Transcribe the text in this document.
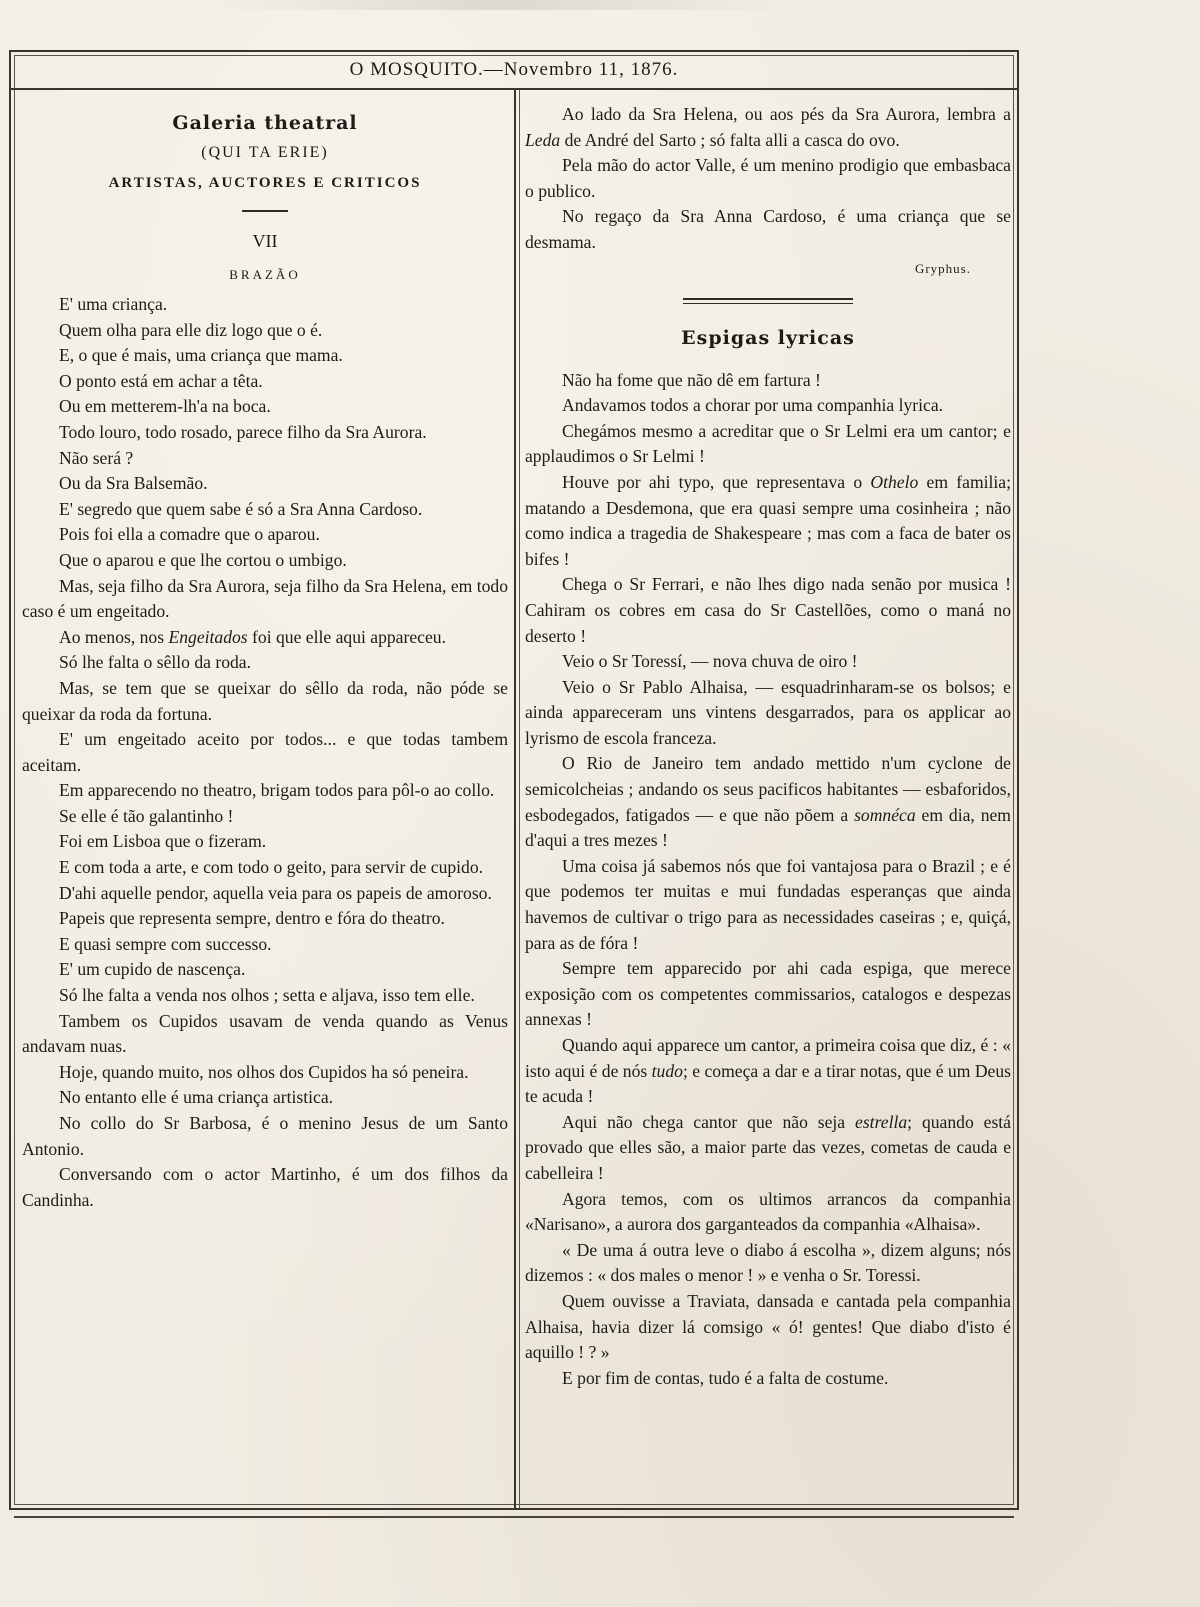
O MOSQUITO.—Novembro 11, 1876.
Galeria theatral
(QUI TA ERIE)
ARTISTAS, AUCTORES E CRITICOS
VII
BRAZÃO

E' uma criança.

Quem olha para elle diz logo que o é.

E, o que é mais, uma criança que mama.

O ponto está em achar a têta.

Ou em metterem-lh'a na boca.

Todo louro, todo rosado, parece filho da Sra Aurora.

Não será ?

Ou da Sra Balsemão.

E' segredo que quem sabe é só a Sra Anna Cardoso.

Pois foi ella a comadre que o aparou.

Que o aparou e que lhe cortou o umbigo.

Mas, seja filho da Sra Aurora, seja filho da Sra Helena, em todo caso é um engeitado.

Ao menos, nos Engeitados foi que elle aqui appareceu.

Só lhe falta o sêllo da roda.

Mas, se tem que se queixar do sêllo da roda, não póde se queixar da roda da fortuna.

E' um engeitado aceito por todos... e que todas tambem aceitam.

Em apparecendo no theatro, brigam todos para pôl-o ao collo.

Se elle é tão galantinho !

Foi em Lisboa que o fizeram.

E com toda a arte, e com todo o geito, para servir de cupido.

D'ahi aquelle pendor, aquella veia para os papeis de amoroso.

Papeis que representa sempre, dentro e fóra do theatro.

E quasi sempre com successo.

E' um cupido de nascença.

Só lhe falta a venda nos olhos ; setta e aljava, isso tem elle.

Tambem os Cupidos usavam de venda quando as Venus andavam nuas.

Hoje, quando muito, nos olhos dos Cupidos ha só peneira.

No entanto elle é uma criança artistica.

No collo do Sr Barbosa, é o menino Jesus de um Santo Antonio.

Conversando com o actor Martinho, é um dos filhos da Candinha.

Ao lado da Sra Helena, ou aos pés da Sra Aurora, lembra a Leda de André del Sarto ; só falta alli a casca do ovo.

Pela mão do actor Valle, é um menino prodigio que embasbaca o publico.

No regaço da Sra Anna Cardoso, é uma criança que se desmama.

Gryphus.
Espigas lyricas

Não ha fome que não dê em fartura !

Andavamos todos a chorar por uma companhia lyrica.

Chegámos mesmo a acreditar que o Sr Lelmi era um cantor; e applaudimos o Sr Lelmi !

Houve por ahi typo, que representava o Othelo em familia; matando a Desdemona, que era quasi sempre uma cosinheira ; não como indica a tragedia de Shakespeare ; mas com a faca de bater os bifes !

Chega o Sr Ferrari, e não lhes digo nada senão por musica ! Cahiram os cobres em casa do Sr Castellões, como o maná no deserto !

Veio o Sr Toressí, — nova chuva de oiro !

Veio o Sr Pablo Alhaisa, — esquadrinharam-se os bolsos; e ainda appareceram uns vintens desgarrados, para os applicar ao lyrismo de escola franceza.

O Rio de Janeiro tem andado mettido n'um cyclone de semicolcheias ; andando os seus pacificos habitantes — esbaforidos, esbodegados, fatigados — e que não põem a somnéca em dia, nem d'aqui a tres mezes !

Uma coisa já sabemos nós que foi vantajosa para o Brazil ; e é que podemos ter muitas e mui fundadas esperanças que ainda havemos de cultivar o trigo para as necessidades caseiras ; e, quiçá, para as de fóra !

Sempre tem apparecido por ahi cada espiga, que merece exposição com os competentes commissarios, catalogos e despezas annexas !

Quando aqui apparece um cantor, a primeira coisa que diz, é : « isto aqui é de nós tudo; e começa a dar e a tirar notas, que é um Deus te acuda !

Aqui não chega cantor que não seja estrella; quando está provado que elles são, a maior parte das vezes, cometas de cauda e cabelleira !

Agora temos, com os ultimos arrancos da companhia «Narisano», a aurora dos garganteados da companhia «Alhaisa».

« De uma á outra leve o diabo á escolha », dizem alguns; nós dizemos : « dos males o menor ! » e venha o Sr. Toressi.

Quem ouvisse a Traviata, dansada e cantada pela companhia Alhaisa, havia dizer lá comsigo « ó! gentes! Que diabo d'isto é aquillo ! ? »

E por fim de contas, tudo é a falta de costume.
